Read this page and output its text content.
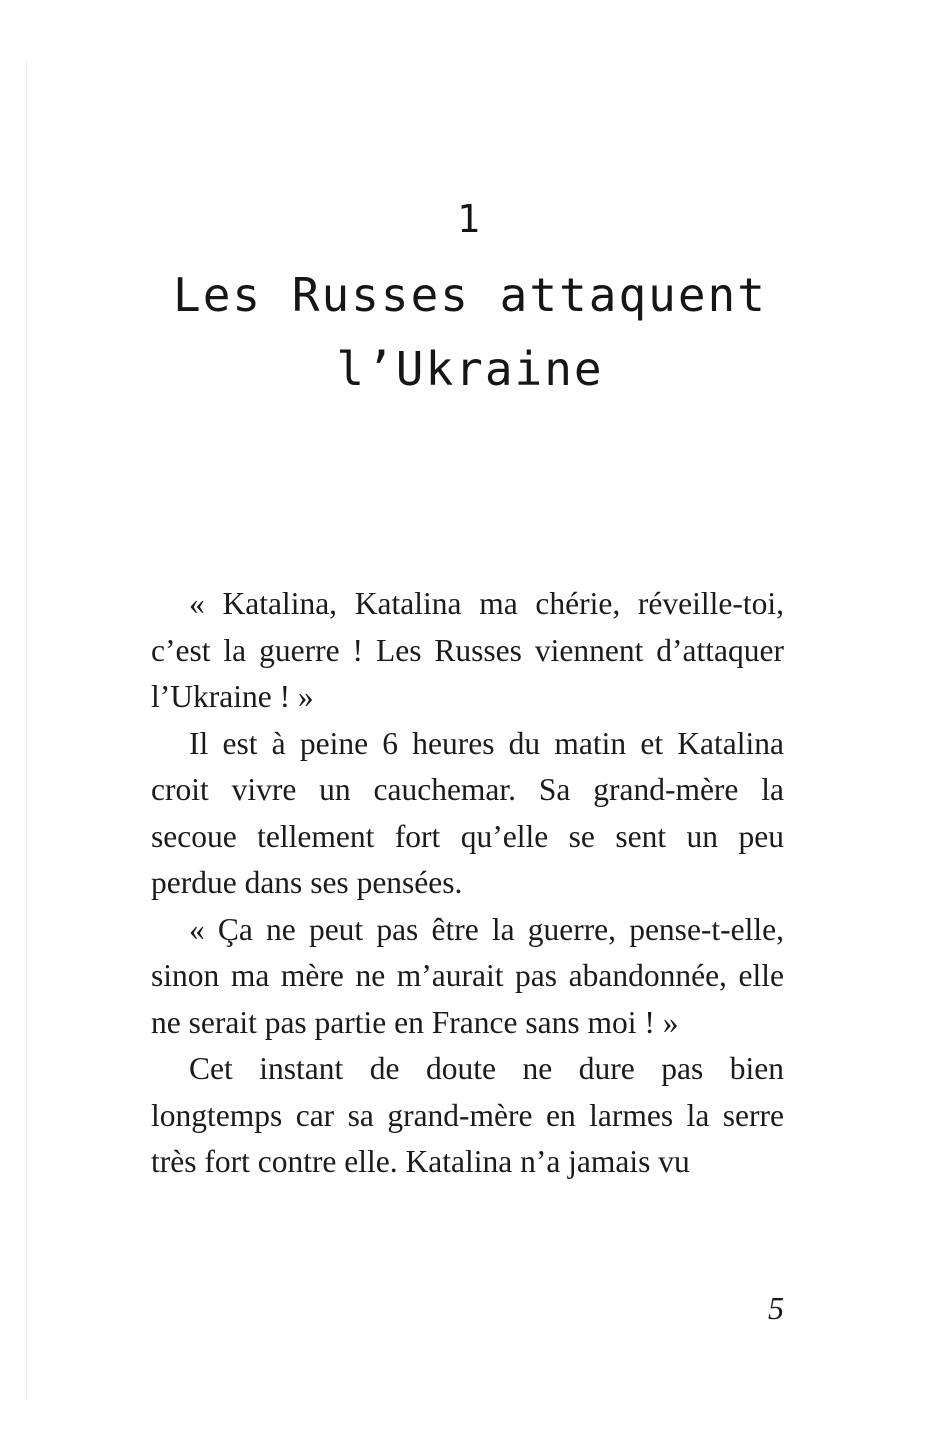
1
Les Russes attaquent l’Ukraine

« Katalina, Katalina ma chérie, réveille-toi, c’est la guerre ! Les Russes viennent d’attaquer l’Ukraine ! »

Il est à peine 6 heures du matin et Katalina croit vivre un cauchemar. Sa grand-mère la secoue tellement fort qu’elle se sent un peu perdue dans ses pensées.

« Ça ne peut pas être la guerre, pense-t-elle, sinon ma mère ne m’aurait pas abandonnée, elle ne serait pas partie en France sans moi ! »

Cet instant de doute ne dure pas bien longtemps car sa grand-mère en larmes la serre très fort contre elle. Katalina n’a jamais vu

5
